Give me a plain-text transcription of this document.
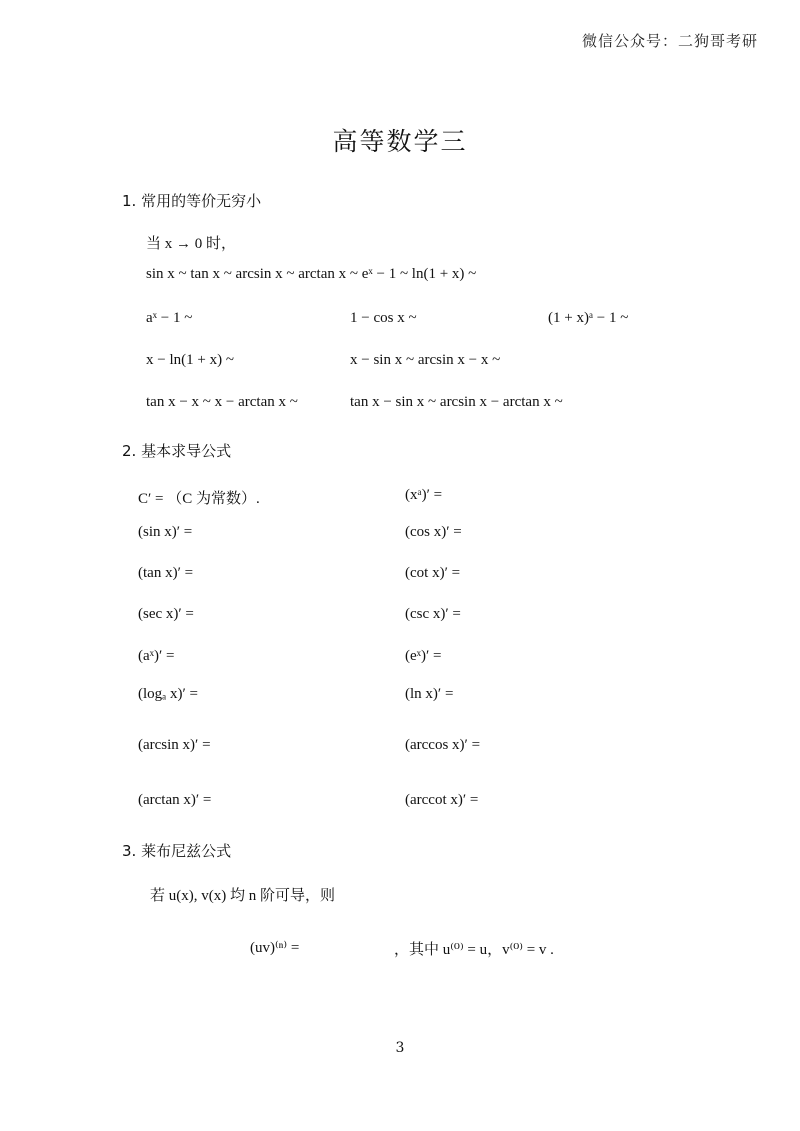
微信公众号：二狗哥考研
高等数学三
1. 常用的等价无穷小
当 x → 0 时，
sin x ~ tan x ~ arcsin x ~ arctan x ~ eˣ − 1 ~ ln(1 + x) ~
aˣ − 1 ~	1 − cos x ~	(1 + x)ᵃ − 1 ~
x − ln(1 + x) ~	x − sin x ~ arcsin x − x ~
tan x − x ~ x − arctan x ~	tan x − sin x ~ arcsin x − arctan x ~
2. 基本求导公式
C′ = （C 为常数）.	(xᵃ)′ =
(sin x)′ =	(cos x)′ =
(tan x)′ =	(cot x)′ =
(sec x)′ =	(csc x)′ =
(aˣ)′ =	(eˣ)′ =
(logₐ x)′ =	(ln x)′ =
(arcsin x)′ =	(arccos x)′ =
(arctan x)′ =	(arccot x)′ =
3. 莱布尼兹公式
若 u(x), v(x) 均 n 阶可导，则
(uv)⁽ⁿ⁾ =	，其中 u⁽⁰⁾ = u，v⁽⁰⁾ = v .
3
